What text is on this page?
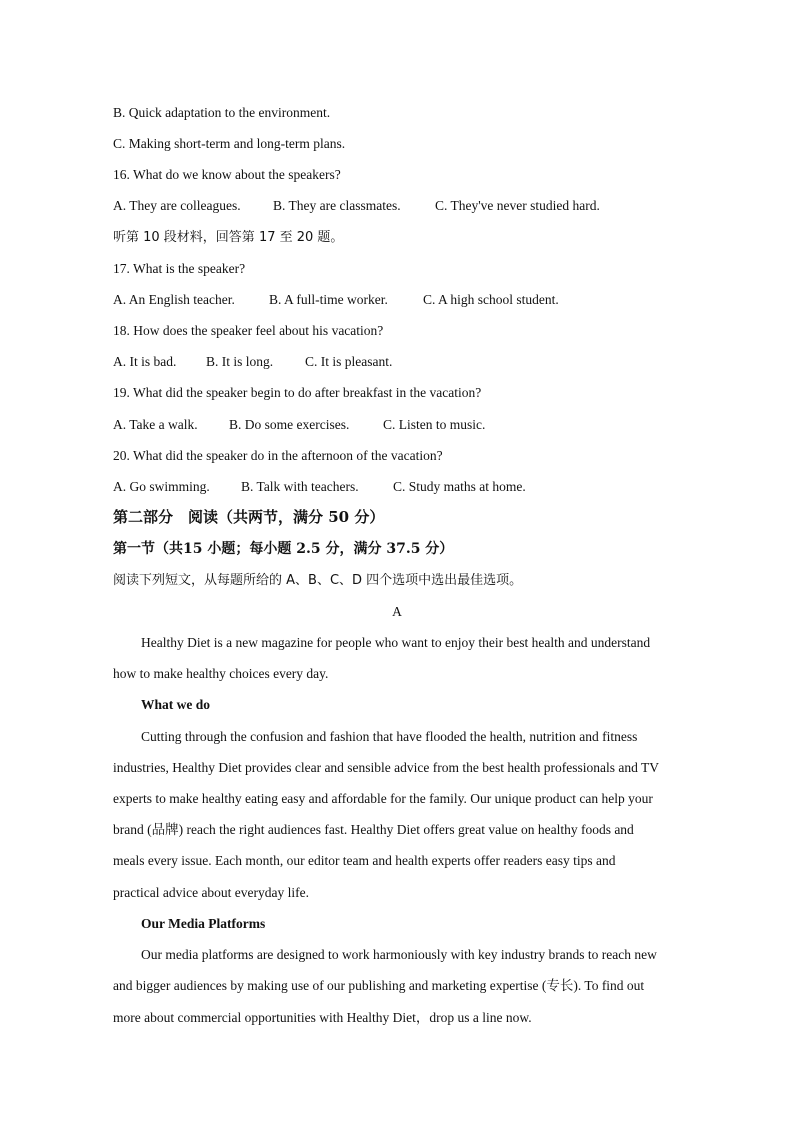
B. Quick adaptation to the environment.
C. Making short-term and long-term plans.
16. What do we know about the speakers?
A. They are colleagues. B. They are classmates.	C. They've never studied hard.
听第 10 段材料，回答第 17 至 20 题。
17. What is the speaker?
A. An English teacher.	B. A full-time worker.	C. A high school student.
18. How does the speaker feel about his vacation?
A. It is bad. B. It is long. C. It is pleasant.
19. What did the speaker begin to do after breakfast in the vacation?
A. Take a walk. B. Do some exercises. C. Listen to music.
20. What did the speaker do in the afternoon of the vacation?
A. Go swimming. B. Talk with teachers.	C. Study maths at home.
第二部分　阅读（共两节，满分 50 分）
第一节（共15 小题；每小题 2.5 分，满分 37.5 分）
阅读下列短文，从每题所给的 A、B、C、D 四个选项中选出最佳选项。
A
Healthy Diet is a new magazine for people who want to enjoy their best health and understand
how to make healthy choices every day.
What we do
Cutting through the confusion and fashion that have flooded the health, nutrition and fitness
industries, Healthy Diet provides clear and sensible advice from the best health professionals and TV
experts to make healthy eating easy and affordable for the family. Our unique product can help your
brand (品牌) reach the right audiences fast. Healthy Diet offers great value on healthy foods and
meals every issue. Each month, our editor team and health experts offer readers easy tips and
practical advice about everyday life.
Our Media Platforms
Our media platforms are designed to work harmoniously with key industry brands to reach new
and bigger audiences by making use of our publishing and marketing expertise (专长). To find out
more about commercial opportunities with Healthy Diet，drop us a line now.
